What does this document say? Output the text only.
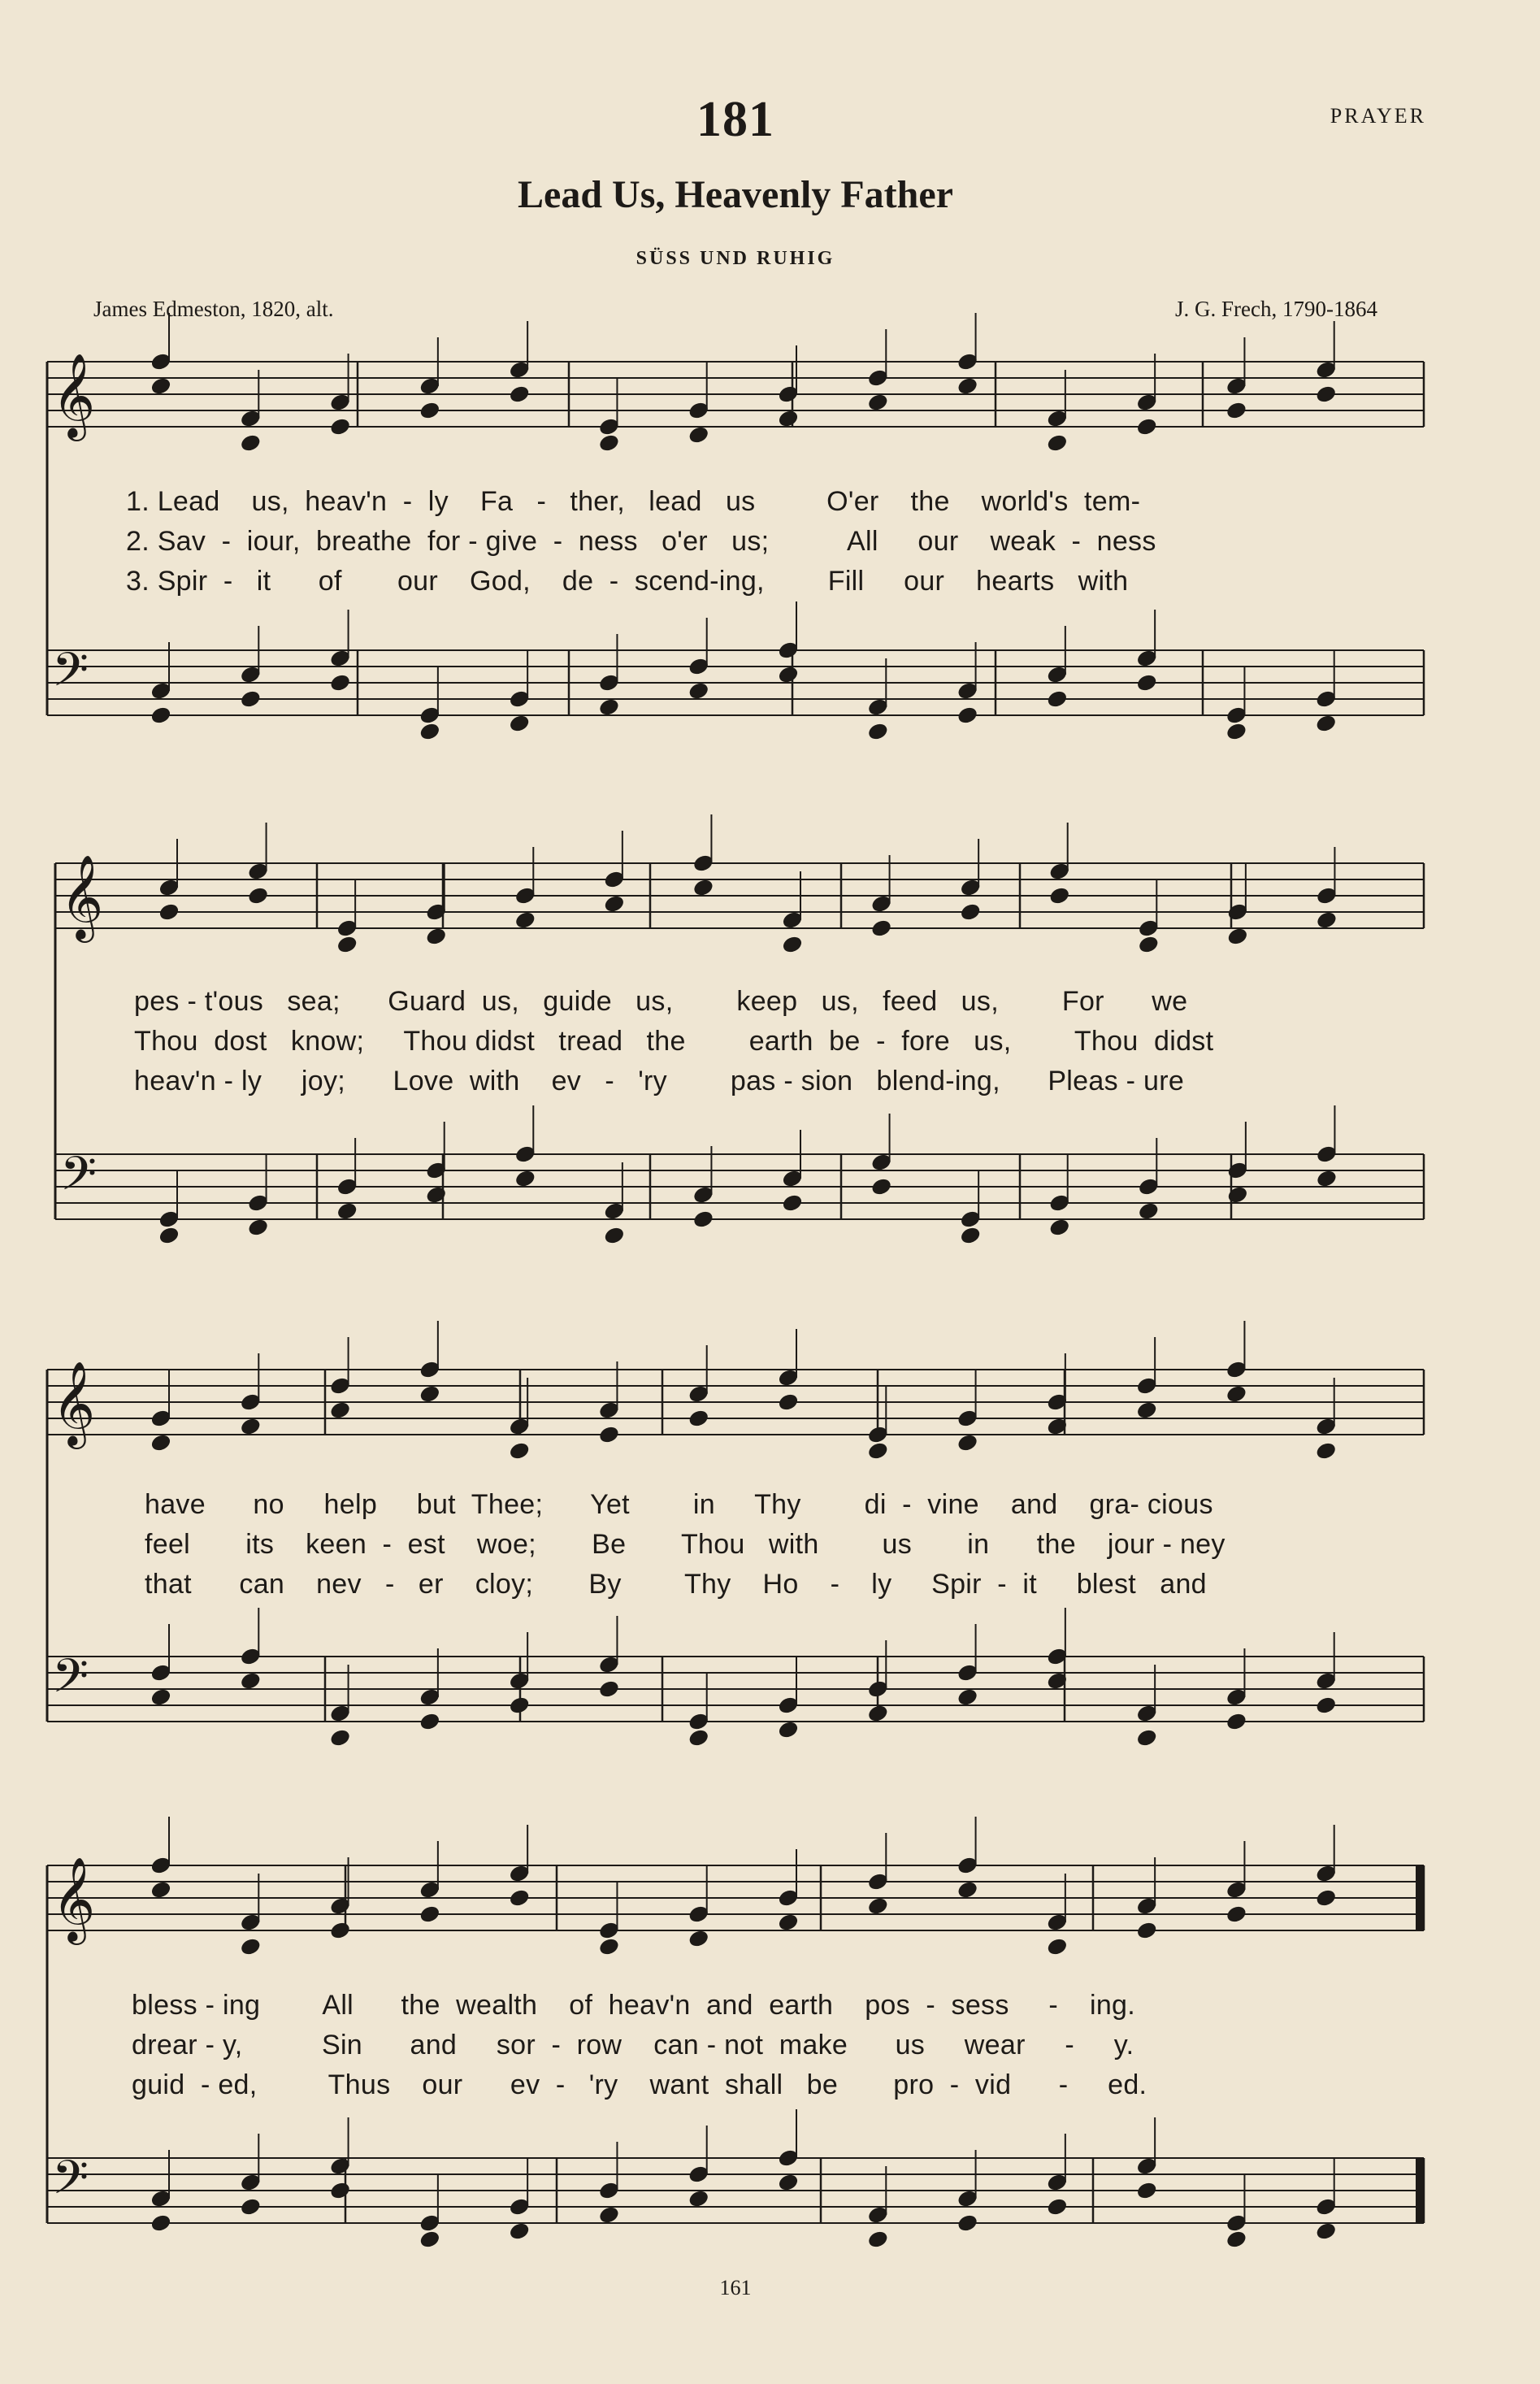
181	PRAYER
Lead Us, Heavenly Father
SÜSS UND RUHIG
James Edmeston, 1820, alt.	J. G. Frech, 1790-1864
𝄞
𝄢
𝄞
𝄢
𝄞
𝄢
𝄞
𝄢
1. Lead    us,  heav'n  -  ly    Fa   -   ther,   lead   us         O'er    the    world's  tem-
2. Sav  -  iour,  breathe  for - give  -  ness   o'er   us;          All     our    weak  -  ness
3. Spir  -   it      of       our    God,    de  -  scend-ing,        Fill     our    hearts   with
pes - t'ous   sea;      Guard  us,   guide   us,        keep   us,   feed   us,        For      we
Thou  dost   know;     Thou didst   tread   the        earth  be  -  fore   us,        Thou  didst
heav'n - ly     joy;      Love  with    ev   -   'ry        pas - sion   blend-ing,      Pleas - ure
have      no     help     but  Thee;      Yet        in     Thy        di  -  vine    and    gra- cious
feel       its    keen  -  est    woe;       Be       Thou   with        us       in      the    jour - ney
that      can    nev   -   er    cloy;       By        Thy    Ho    -    ly     Spir  -  it     blest   and
bless - ing        All      the  wealth    of  heav'n  and  earth    pos  -  sess     -    ing.
drear - y,          Sin      and     sor  -  row    can - not  make      us     wear     -     y.
guid  - ed,         Thus    our      ev  -   'ry    want  shall   be       pro  -  vid      -     ed.
161
